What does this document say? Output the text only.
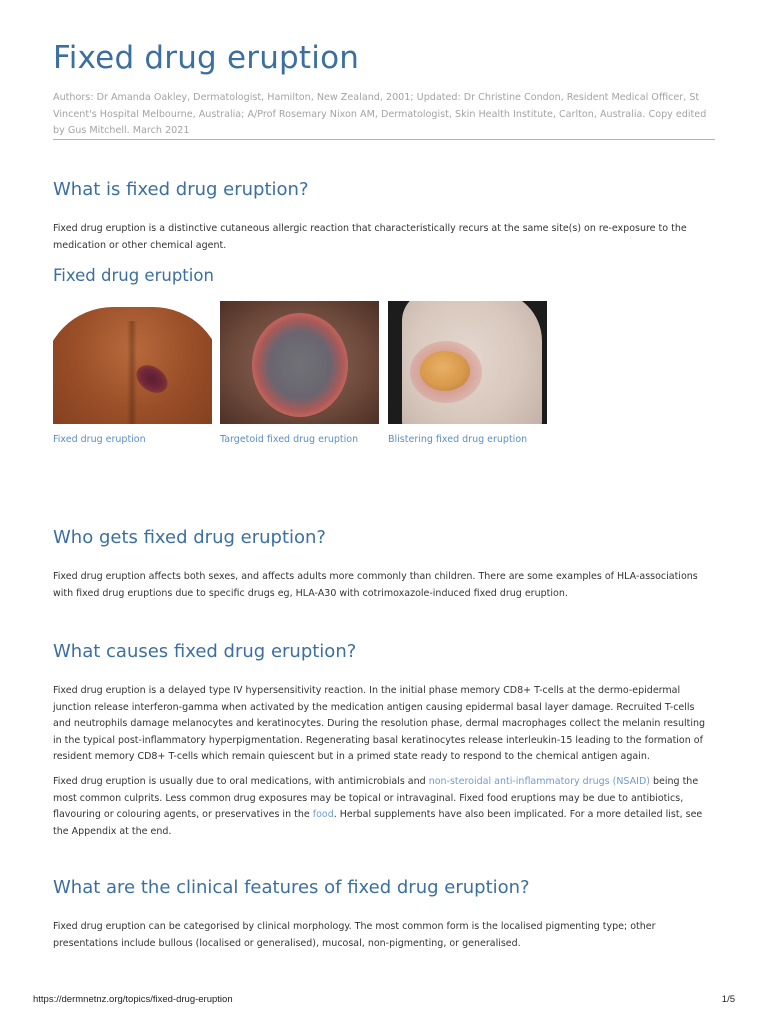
Fixed drug eruption
Authors: Dr Amanda Oakley, Dermatologist, Hamilton, New Zealand, 2001; Updated: Dr Christine Condon, Resident Medical Officer, St Vincent's Hospital Melbourne, Australia; A/Prof Rosemary Nixon AM, Dermatologist, Skin Health Institute, Carlton, Australia. Copy edited by Gus Mitchell. March 2021
What is fixed drug eruption?

Fixed drug eruption is a distinctive cutaneous allergic reaction that characteristically recurs at the same site(s) on re-exposure to the medication or other chemical agent.

Fixed drug eruption
Fixed drug eruption	Targetoid fixed drug eruption	Blistering fixed drug eruption
Who gets fixed drug eruption?

Fixed drug eruption affects both sexes, and affects adults more commonly than children. There are some examples of HLA-associations with fixed drug eruptions due to specific drugs eg, HLA-A30 with cotrimoxazole-induced fixed drug eruption.

What causes fixed drug eruption?

Fixed drug eruption is a delayed type IV hypersensitivity reaction. In the initial phase memory CD8+ T-cells at the dermo-epidermal junction release interferon-gamma when activated by the medication antigen causing epidermal basal layer damage. Recruited T-cells and neutrophils damage melanocytes and keratinocytes. During the resolution phase, dermal macrophages collect the melanin resulting in the typical post-inflammatory hyperpigmentation. Regenerating basal keratinocytes release interleukin-15 leading to the formation of resident memory CD8+ T-cells which remain quiescent but in a primed state ready to respond to the chemical antigen again.

Fixed drug eruption is usually due to oral medications, with antimicrobials and non-steroidal anti-inflammatory drugs (NSAID) being the most common culprits. Less common drug exposures may be topical or intravaginal. Fixed food eruptions may be due to antibiotics, flavouring or colouring agents, or preservatives in the food. Herbal supplements have also been implicated. For a more detailed list, see the Appendix at the end.

What are the clinical features of fixed drug eruption?

Fixed drug eruption can be categorised by clinical morphology. The most common form is the localised pigmenting type; other presentations include bullous (localised or generalised), mucosal, non-pigmenting, or generalised.

https://dermnetnz.org/topics/fixed-drug-eruption	1/5
